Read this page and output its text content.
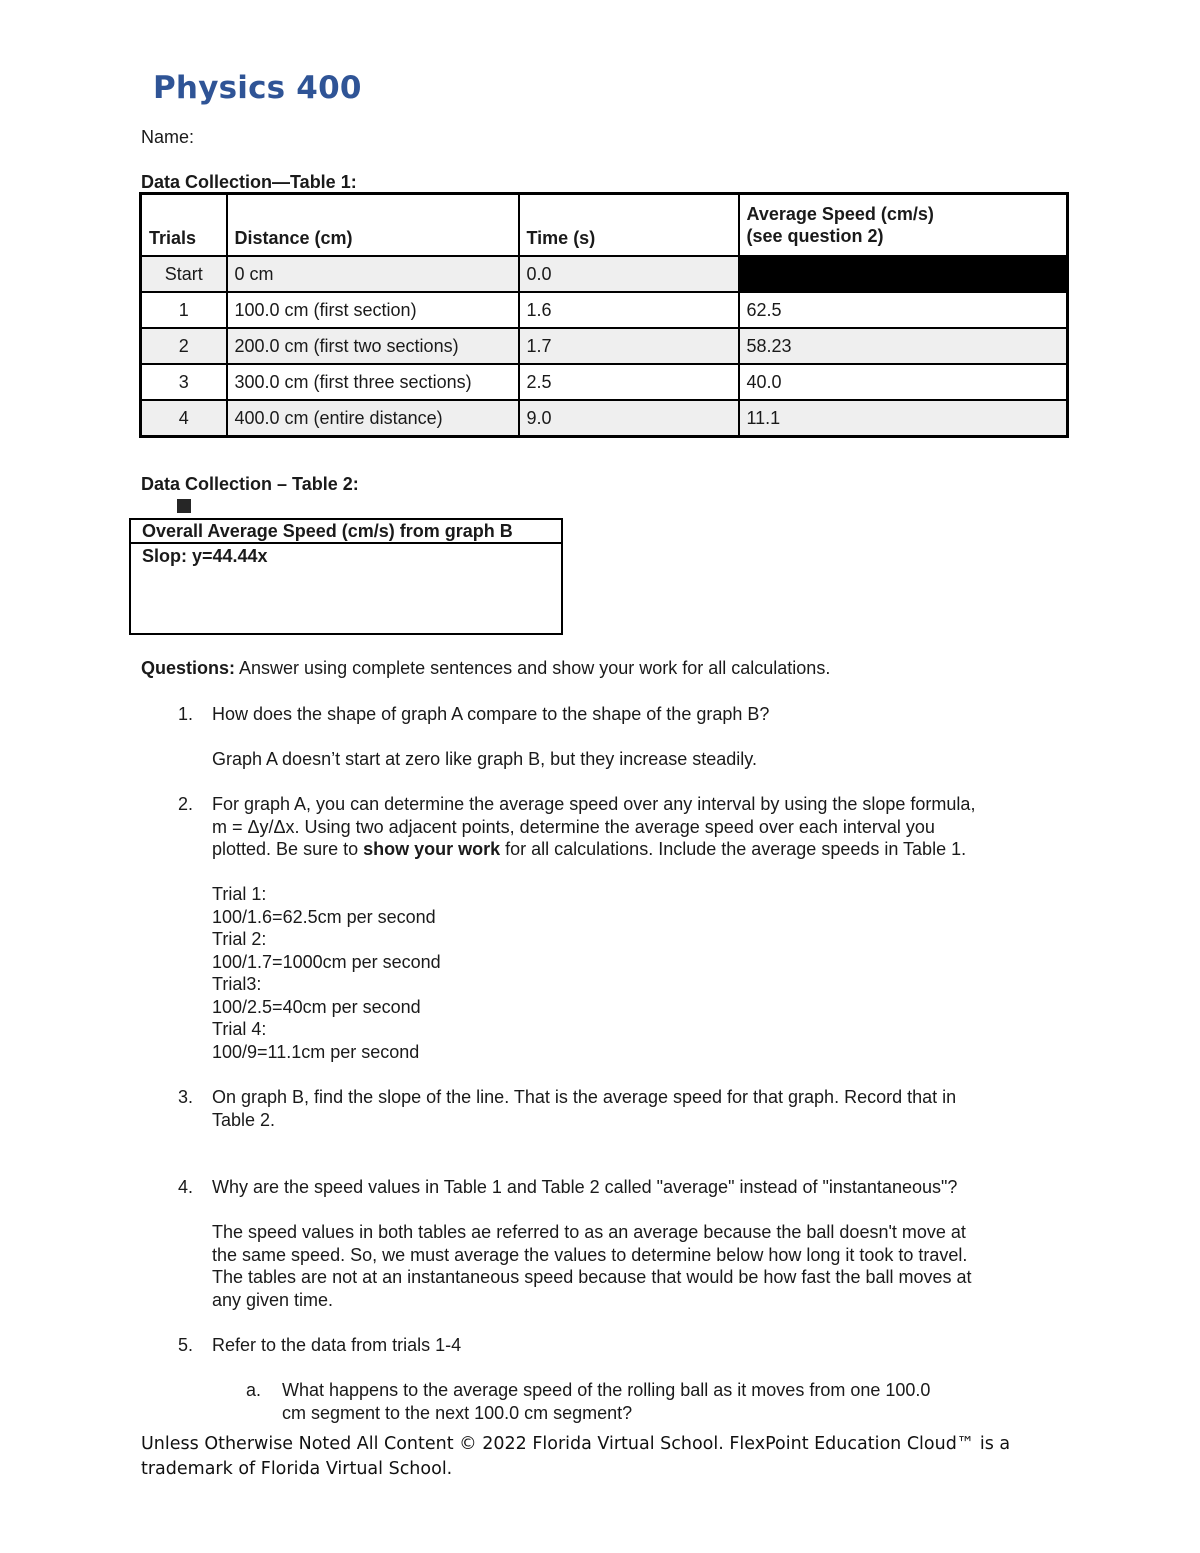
Physics 400
Name:
Data Collection—Table 1:
Trials	Distance (cm)	Time (s)	Average Speed (cm/s)
(see question 2)

Start	0 cm	0.0	
1	100.0 cm (first section)	1.6	62.5
2	200.0 cm (first two sections)	1.7	58.23
3	300.0 cm (first three sections)	2.5	40.0
4	400.0 cm (entire distance)	9.0	11.1
Data Collection – Table 2:
Overall Average Speed (cm/s) from graph B
Slop: y=44.44x
Questions: Answer using complete sentences and show your work for all calculations.
1. How does the shape of graph A compare to the shape of the graph B?
Graph A doesn’t start at zero like graph B, but they increase steadily.
2. For graph A, you can determine the average speed over any interval by using the slope formula,
m = Δy/Δx. Using two adjacent points, determine the average speed over each interval you
plotted. Be sure to show your work for all calculations. Include the average speeds in Table 1.
Trial 1:
100/1.6=62.5cm per second
Trial 2:
100/1.7=1000cm per second
Trial3:
100/2.5=40cm per second
Trial 4:
100/9=11.1cm per second
3. On graph B, find the slope of the line. That is the average speed for that graph. Record that in
Table 2.
4. Why are the speed values in Table 1 and Table 2 called "average" instead of "instantaneous"?
The speed values in both tables ae referred to as an average because the ball doesn't move at
the same speed. So, we must average the values to determine below how long it took to travel.
The tables are not at an instantaneous speed because that would be how fast the ball moves at
any given time.
5. Refer to the data from trials 1-4
a.	What happens to the average speed of the rolling ball as it moves from one 100.0
cm segment to the next 100.0 cm segment?
Unless Otherwise Noted All Content © 2022 Florida Virtual School. FlexPoint Education Cloud™ is a
trademark of Florida Virtual School.
